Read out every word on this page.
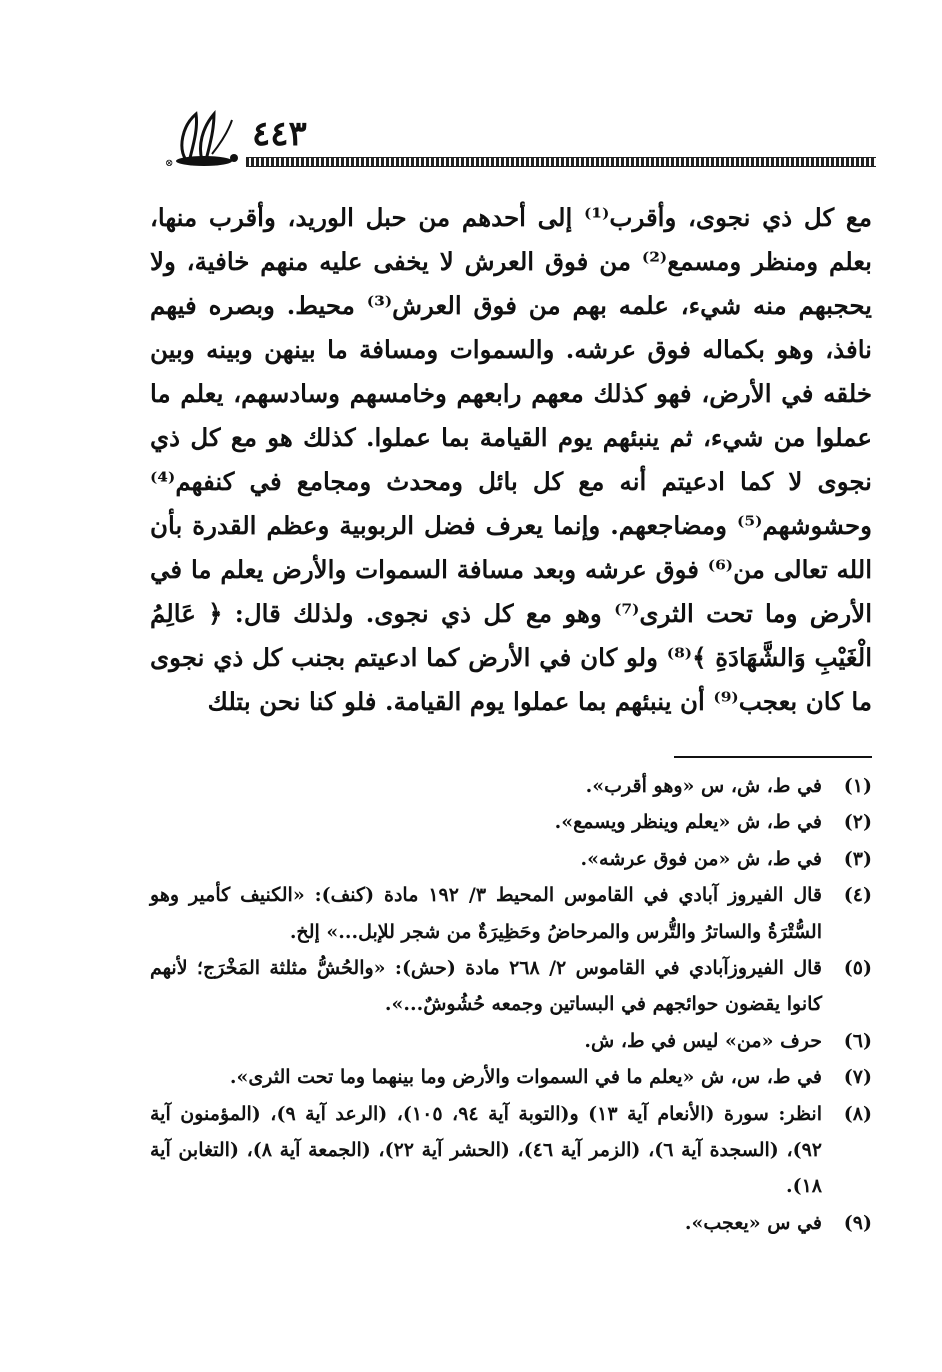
٤٤٣
⊗

مع كل ذي نجوى، وأقرب⁽¹⁾ إلى أحدهم من حبل الوريد، وأقرب منها، بعلم ومنظر ومسمع⁽²⁾ من فوق العرش لا يخفى عليه منهم خافية، ولا يحجبهم منه شيء، علمه بهم من فوق العرش⁽³⁾ محيط. وبصره فيهم نافذ، وهو بكماله فوق عرشه. والسموات ومسافة ما بينهن وبينه وبين خلقه في الأرض، فهو كذلك معهم رابعهم وخامسهم وسادسهم، يعلم ما عملوا من شيء، ثم ينبئهم يوم القيامة بما عملوا. كذلك هو مع كل ذي نجوى لا كما ادعيتم أنه مع كل بائل ومحدث ومجامع في كنفهم⁽⁴⁾ وحشوشهم⁽⁵⁾ ومضاجعهم. وإنما يعرف فضل الربوبية وعظم القدرة بأن الله تعالى من⁽⁶⁾ فوق عرشه وبعد مسافة السموات والأرض يعلم ما في الأرض وما تحت الثرى⁽⁷⁾ وهو مع كل ذي نجوى. ولذلك قال: ﴿ عَالِمُ الْغَيْبِ وَالشَّهَادَةِ ﴾⁽⁸⁾ ولو كان في الأرض كما ادعيتم بجنب كل ذي نجوى ما كان بعجب⁽⁹⁾ أن ينبئهم بما عملوا يوم القيامة. فلو كنا نحن بتلك

(١)
في ط، ش، س «وهو أقرب».
(٢)
في ط، ش «يعلم وينظر ويسمع».
(٣)
في ط، ش «من فوق عرشه».
(٤)
قال الفيروز آبادي في القاموس المحيط ٣/ ١٩٢ مادة (كنف): «الكنيف كأمير وهو السُّتْرَةُ والساترُ والتُّرس والمرحاضُ وحَظِيرَةٌ من شجر للإبل...» إلخ.
(٥)
قال الفيروزآبادي في القاموس ٢/ ٢٦٨ مادة (حش): «والحُشُّ مثلثة المَخْرَج؛ لأنهم كانوا يقضون حوائجهم في البساتين وجمعه حُشُوشٌ...».
(٦)
حرف «من» ليس في ط، ش.
(٧)
في ط، س، ش «يعلم ما في السموات والأرض وما بينهما وما تحت الثرى».
(٨)
انظر: سورة (الأنعام آية ١٣) و(التوبة آية ٩٤، ١٠٥)، (الرعد آية ٩)، (المؤمنون آية ٩٢)، (السجدة آية ٦)، (الزمر آية ٤٦)، (الحشر آية ٢٢)، (الجمعة آية ٨)، (التغابن آية ١٨).
(٩)
في س «يعجب».
